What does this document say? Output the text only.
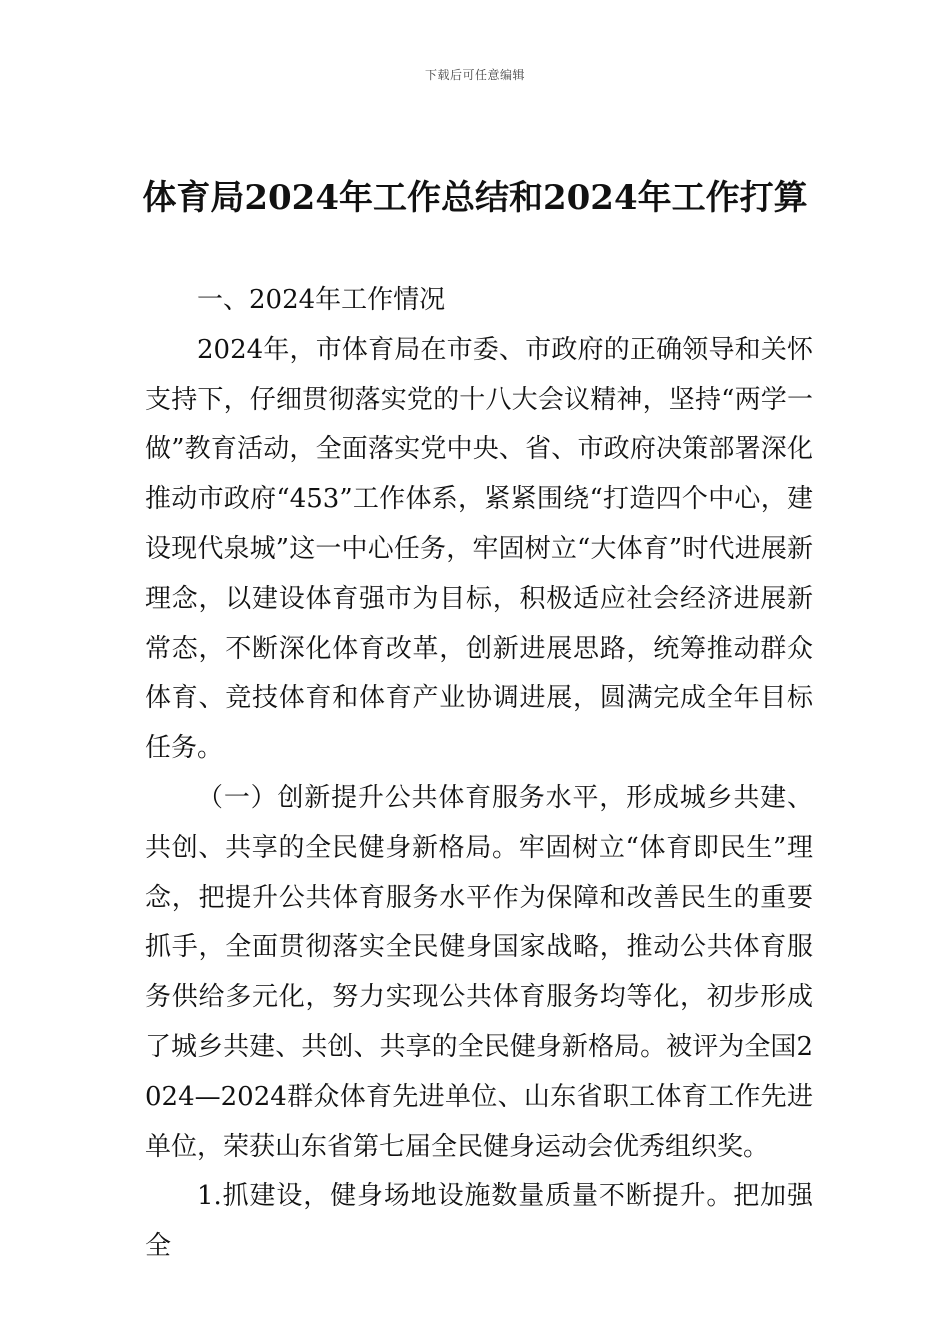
下载后可任意编辑
体育局2024年工作总结和2024年工作打算

一、2024年工作情况

2024年，市体育局在市委、市政府的正确领导和关怀支持下，仔细贯彻落实党的十八大会议精神，坚持“两学一做”教育活动，全面落实党中央、省、市政府决策部署深化推动市政府“453”工作体系，紧紧围绕“打造四个中心，建设现代泉城”这一中心任务，牢固树立“大体育”时代进展新理念，以建设体育强市为目标，积极适应社会经济进展新常态，不断深化体育改革，创新进展思路，统筹推动群众体育、竞技体育和体育产业协调进展，圆满完成全年目标任务。

（一）创新提升公共体育服务水平，形成城乡共建、共创、共享的全民健身新格局。牢固树立“体育即民生”理念，把提升公共体育服务水平作为保障和改善民生的重要抓手，全面贯彻落实全民健身国家战略，推动公共体育服务供给多元化，努力实现公共体育服务均等化，初步形成了城乡共建、共创、共享的全民健身新格局。被评为全国2024—2024群众体育先进单位、山东省职工体育工作先进单位，荣获山东省第七届全民健身运动会优秀组织奖。

1.抓建设，健身场地设施数量质量不断提升。把加强全
